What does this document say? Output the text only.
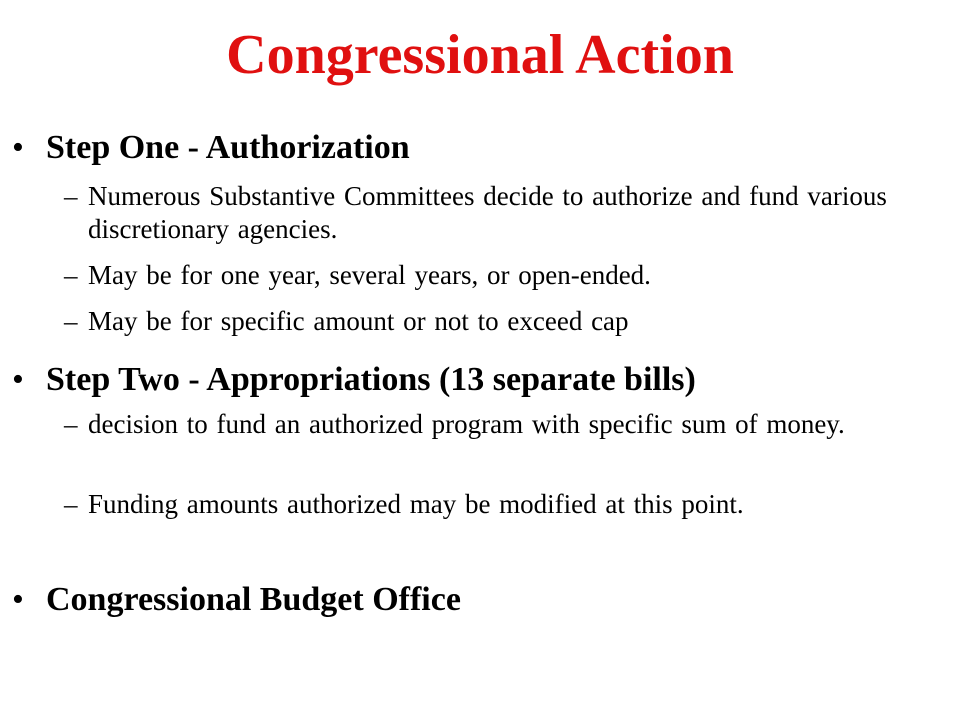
Congressional Action
• Step One - Authorization
– Numerous Substantive Committees decide to authorize and fund various discretionary agencies.
– May be for one year, several years, or open-ended.
– May be for specific amount or not to exceed cap
• Step Two - Appropriations (13 separate bills)
– decision to fund an authorized program with specific sum of money.
– Funding amounts authorized may be modified at this point.
• Congressional Budget Office
